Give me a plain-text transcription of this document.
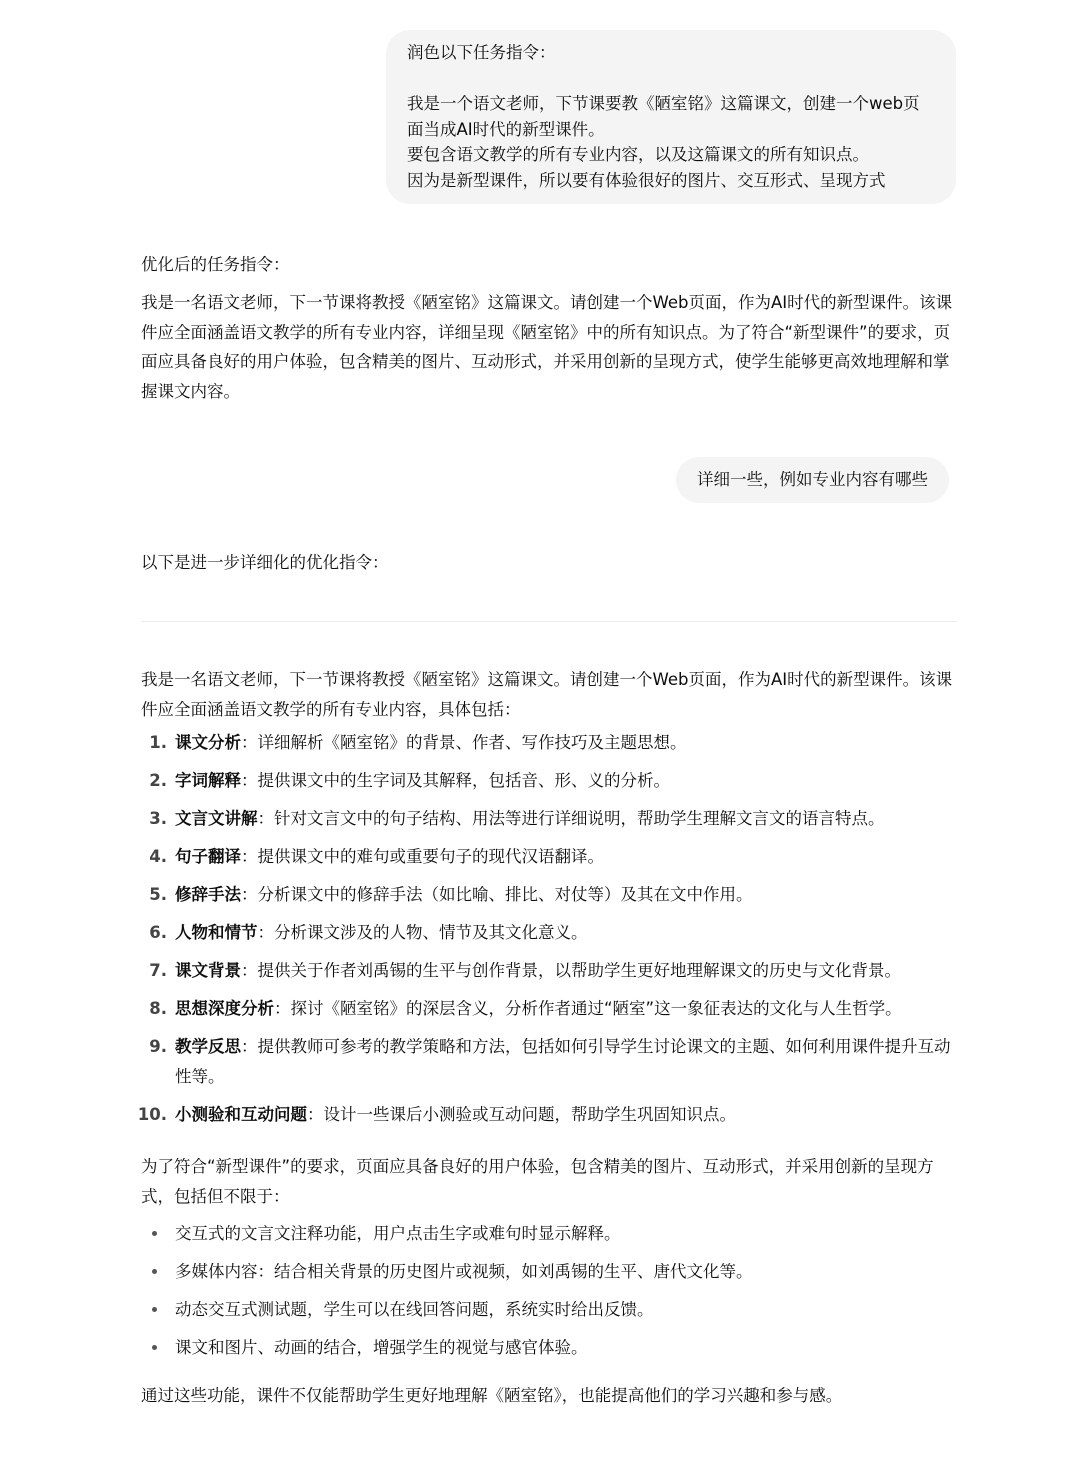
润色以下任务指令：
我是一个语文老师，下节课要教《陋室铭》这篇课文，创建一个web页
面当成AI时代的新型课件。
要包含语文教学的所有专业内容，以及这篇课文的所有知识点。
因为是新型课件，所以要有体验很好的图片、交互形式、呈现方式
优化后的任务指令：

我是一名语文老师，下一节课将教授《陋室铭》这篇课文。请创建一个Web页面，作为AI时代的新型课件。该课件应全面涵盖语文教学的所有专业内容，详细呈现《陋室铭》中的所有知识点。为了符合“新型课件”的要求，页面应具备良好的用户体验，包含精美的图片、互动形式，并采用创新的呈现方式，使学生能够更高效地理解和掌握课文内容。

详细一些，例如专业内容有哪些
以下是进一步详细化的优化指令：

我是一名语文老师，下一节课将教授《陋室铭》这篇课文。请创建一个Web页面，作为AI时代的新型课件。该课件应全面涵盖语文教学的所有专业内容，具体包括：

1. 课文分析：详细解析《陋室铭》的背景、作者、写作技巧及主题思想。
2. 字词解释：提供课文中的生字词及其解释，包括音、形、义的分析。
3. 文言文讲解：针对文言文中的句子结构、用法等进行详细说明，帮助学生理解文言文的语言特点。
4. 句子翻译：提供课文中的难句或重要句子的现代汉语翻译。
5. 修辞手法：分析课文中的修辞手法（如比喻、排比、对仗等）及其在文中作用。
6. 人物和情节：分析课文涉及的人物、情节及其文化意义。
7. 课文背景：提供关于作者刘禹锡的生平与创作背景，以帮助学生更好地理解课文的历史与文化背景。
8. 思想深度分析：探讨《陋室铭》的深层含义，分析作者通过“陋室”这一象征表达的文化与人生哲学。
9. 教学反思：提供教师可参考的教学策略和方法，包括如何引导学生讨论课文的主题、如何利用课件提升互动性等。
10. 小测验和互动问题：设计一些课后小测验或互动问题，帮助学生巩固知识点。

为了符合“新型课件”的要求，页面应具备良好的用户体验，包含精美的图片、互动形式，并采用创新的呈现方式，包括但不限于：

交互式的文言文注释功能，用户点击生字或难句时显示解释。
多媒体内容：结合相关背景的历史图片或视频，如刘禹锡的生平、唐代文化等。
动态交互式测试题，学生可以在线回答问题，系统实时给出反馈。
课文和图片、动画的结合，增强学生的视觉与感官体验。
通过这些功能，课件不仅能帮助学生更好地理解《陋室铭》，也能提高他们的学习兴趣和参与感。
